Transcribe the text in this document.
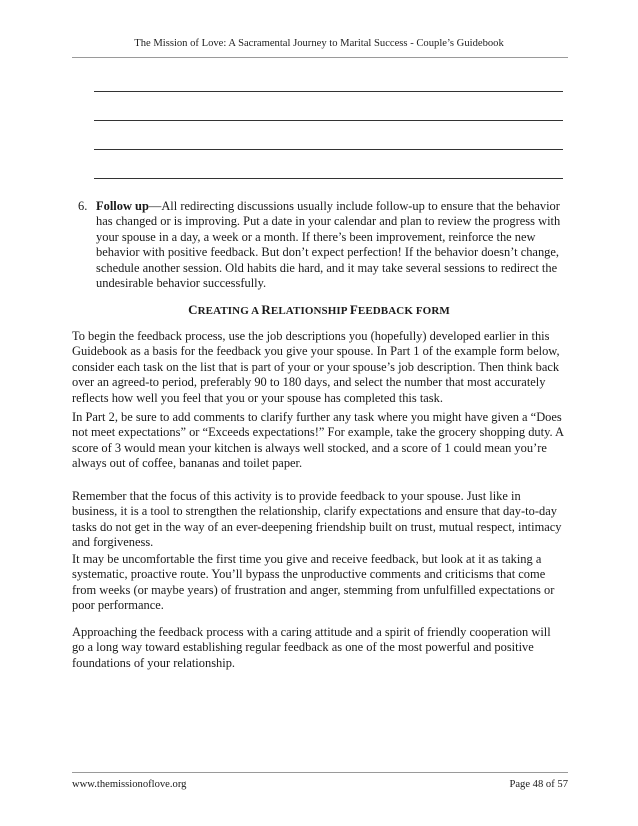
The Mission of Love: A Sacramental Journey to Marital Success - Couple’s Guidebook
6. Follow up—All redirecting discussions usually include follow-up to ensure that the behavior has changed or is improving. Put a date in your calendar and plan to review the progress with your spouse in a day, a week or a month. If there’s been improvement, reinforce the new behavior with positive feedback. But don’t expect perfection! If the behavior doesn’t change, schedule another session. Old habits die hard, and it may take several sessions to redirect the undesirable behavior successfully.
CREATING A RELATIONSHIP FEEDBACK FORM

To begin the feedback process, use the job descriptions you (hopefully) developed earlier in this Guidebook as a basis for the feedback you give your spouse. In Part 1 of the example form below, consider each task on the list that is part of your or your spouse’s job description. Then think back over an agreed-to period, preferably 90 to 180 days, and select the number that most accurately reflects how well you feel that you or your spouse has completed this task.

In Part 2, be sure to add comments to clarify further any task where you might have given a “Does not meet expectations” or “Exceeds expectations!” For example, take the grocery shopping duty. A score of 3 would mean your kitchen is always well stocked, and a score of 1 could mean you’re always out of coffee, bananas and toilet paper.

Remember that the focus of this activity is to provide feedback to your spouse. Just like in business, it is a tool to strengthen the relationship, clarify expectations and ensure that day-to-day tasks do not get in the way of an ever-deepening friendship built on trust, mutual respect, intimacy and forgiveness.

It may be uncomfortable the first time you give and receive feedback, but look at it as taking a systematic, proactive route. You’ll bypass the unproductive comments and criticisms that come from weeks (or maybe years) of frustration and anger, stemming from unfulfilled expectations or poor performance.

Approaching the feedback process with a caring attitude and a spirit of friendly cooperation will go a long way toward establishing regular feedback as one of the most powerful and positive foundations of your relationship.

www.themissionoflove.org	Page 48 of 57
